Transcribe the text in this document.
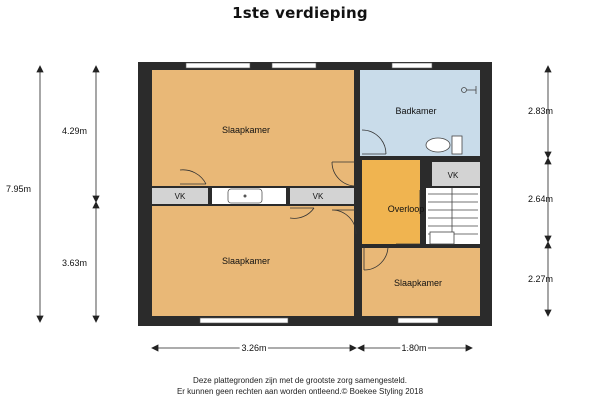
1ste verdieping
Slaapkamer
Slaapkamer
Badkamer
Overloop
Slaapkamer
VK	VK
VK
7.95m
4.29m
3.63m
2.83m
2.64m
2.27m
3.26m	1.80m
Deze plattegronden zijn met de grootste zorg samengesteld.
Er kunnen geen rechten aan worden ontleend.© Boekee Styling 2018
